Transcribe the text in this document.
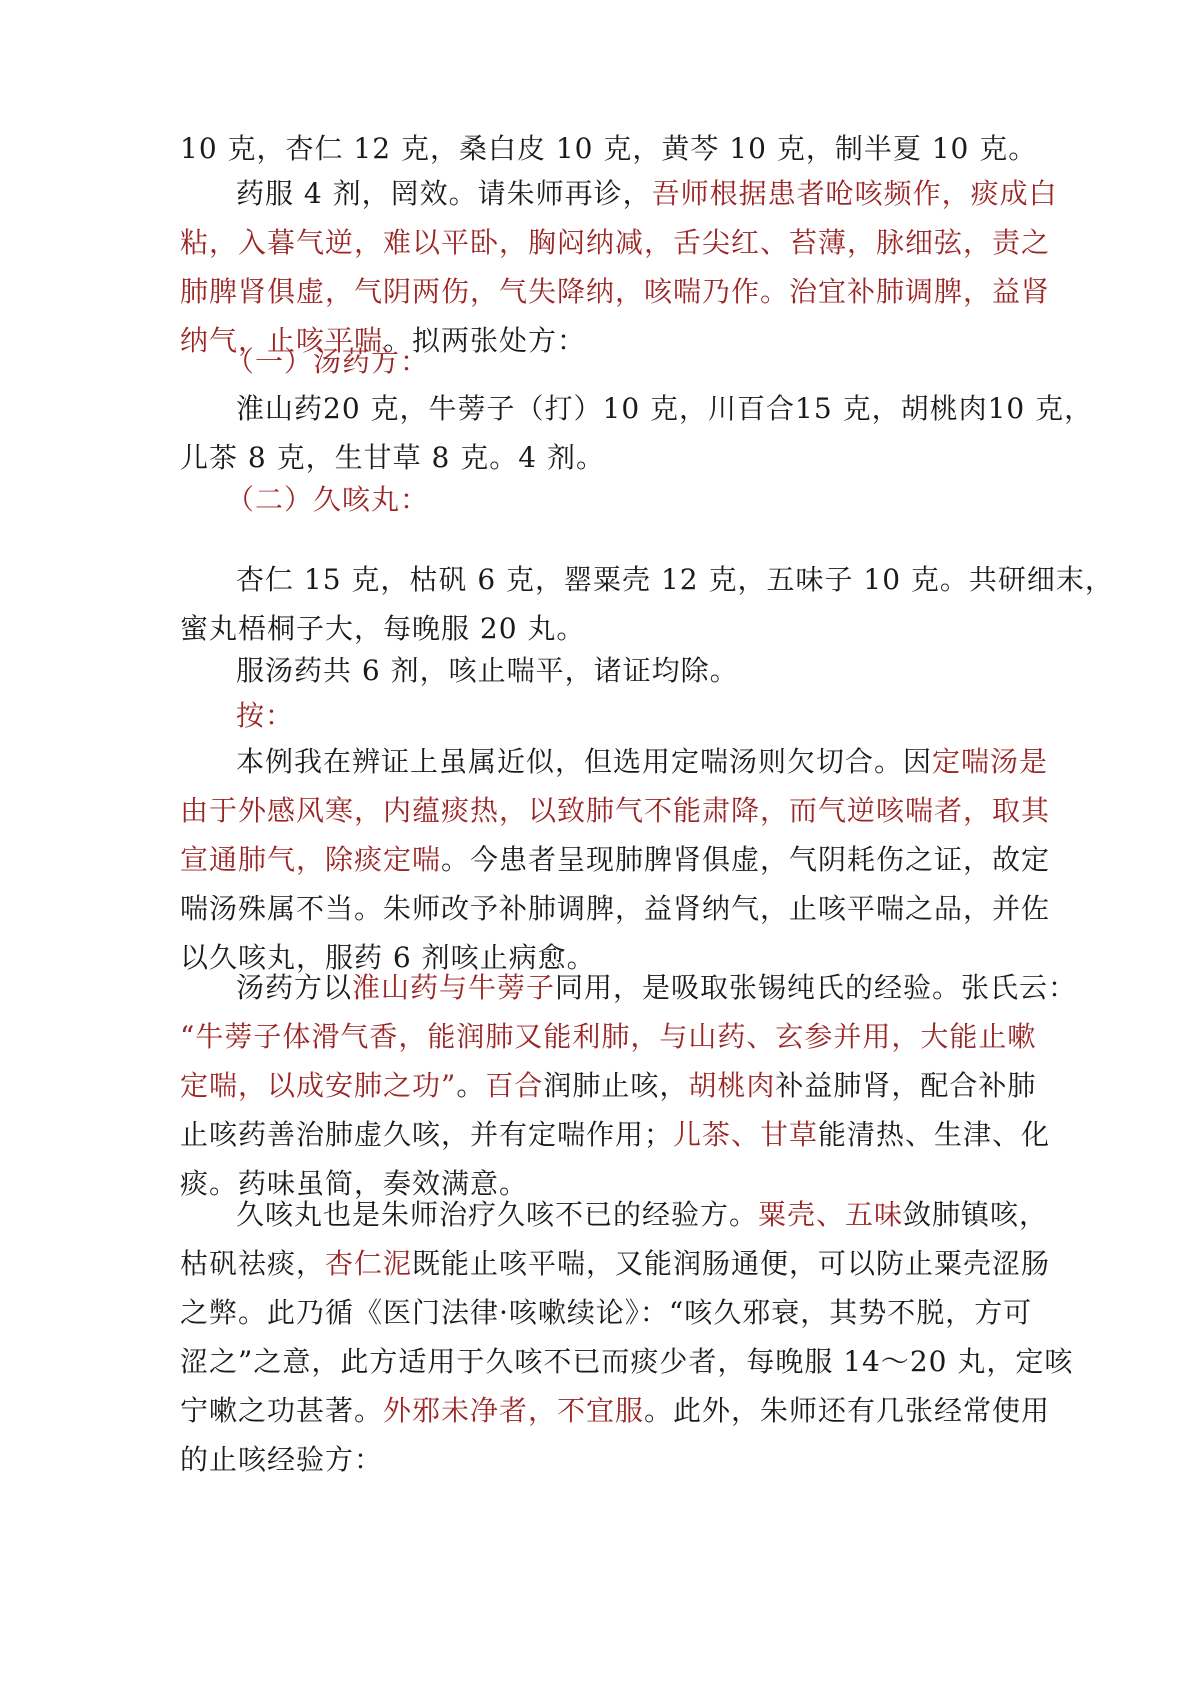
10 克，杏仁 12 克，桑白皮 10 克，黄芩 10 克，制半夏 10 克。

药服 4 剂，罔效。请朱师再诊，吾师根据患者呛咳频作，痰成白
粘，入暮气逆，难以平卧，胸闷纳减，舌尖红、苔薄，脉细弦，责之
肺脾肾俱虚，气阴两伤，气失降纳，咳喘乃作。治宜补肺调脾，益肾
纳气，止咳平喘。拟两张处方：

（一）汤药方：

淮山药20 克，牛蒡子（打）10 克，川百合15 克，胡桃肉10 克，
儿茶 8 克，生甘草 8 克。4 剂。

（二）久咳丸：

杏仁 15 克，枯矾 6 克，罂粟壳 12 克，五味子 10 克。共研细末，
蜜丸梧桐子大，每晚服 20 丸。

服汤药共 6 剂，咳止喘平，诸证均除。

按：

本例我在辨证上虽属近似，但选用定喘汤则欠切合。因定喘汤是
由于外感风寒，内蕴痰热，以致肺气不能肃降，而气逆咳喘者，取其
宣通肺气，除痰定喘。今患者呈现肺脾肾俱虚，气阴耗伤之证，故定
喘汤殊属不当。朱师改予补肺调脾，益肾纳气，止咳平喘之品，并佐
以久咳丸，服药 6 剂咳止病愈。

汤药方以淮山药与牛蒡子同用，是吸取张锡纯氏的经验。张氏云：
“牛蒡子体滑气香，能润肺又能利肺，与山药、玄参并用，大能止嗽
定喘，以成安肺之功”。百合润肺止咳，胡桃肉补益肺肾，配合补肺
止咳药善治肺虚久咳，并有定喘作用；儿茶、甘草能清热、生津、化
痰。药味虽简，奏效满意。

久咳丸也是朱师治疗久咳不已的经验方。粟壳、五味敛肺镇咳，
枯矾祛痰，杏仁泥既能止咳平喘，又能润肠通便，可以防止粟壳涩肠
之弊。此乃循《医门法律·咳嗽续论》：“咳久邪衰，其势不脱，方可
涩之”之意，此方适用于久咳不已而痰少者，每晚服 14～20 丸，定咳
宁嗽之功甚著。外邪未净者，不宜服。此外，朱师还有几张经常使用
的止咳经验方：
